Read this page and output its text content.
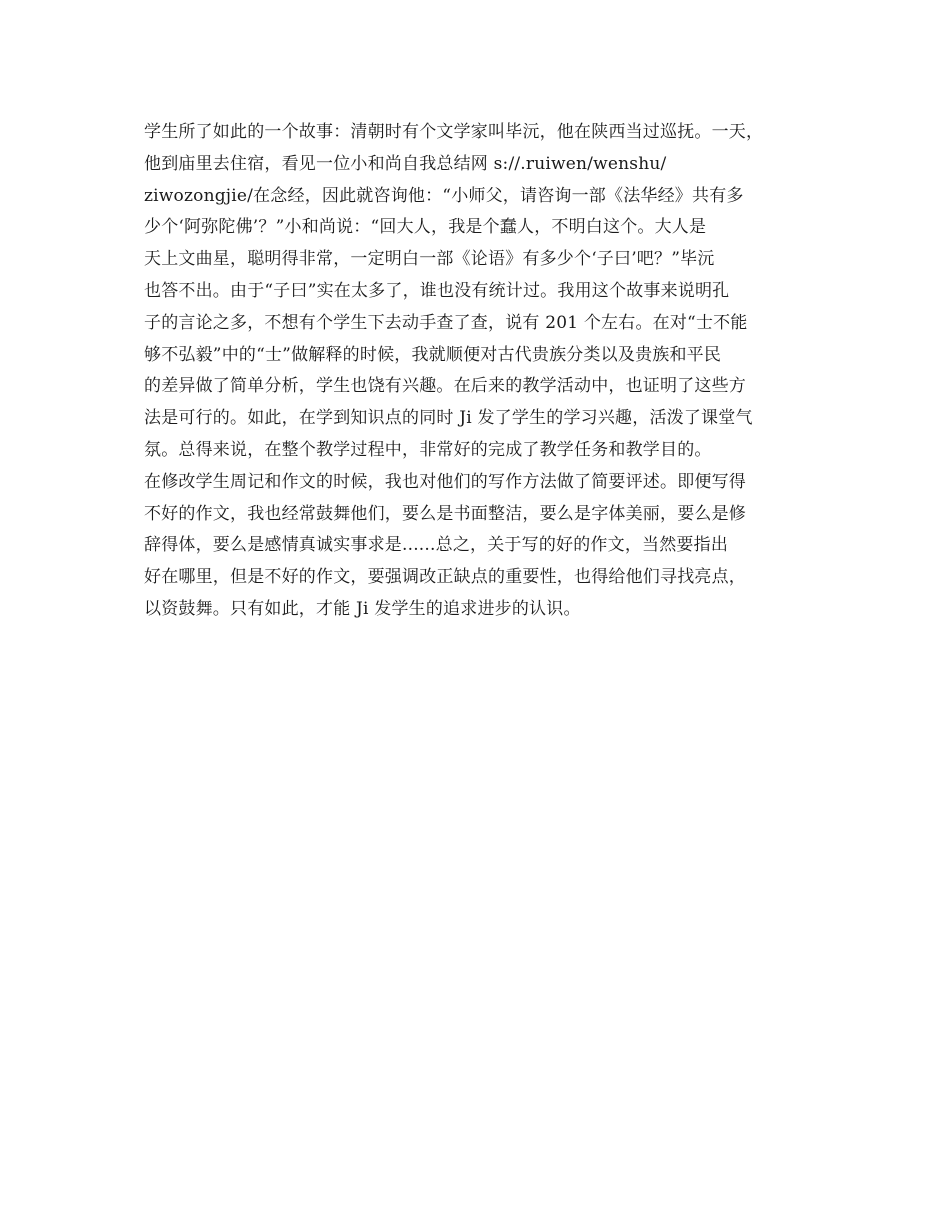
学生所了如此的一个故事：清朝时有个文学家叫毕沅，他在陕西当过巡抚。一天，
他到庙里去住宿，看见一位小和尚自我总结网 s://.ruiwen/wenshu/
ziwozongjie/在念经，因此就咨询他：“小师父，请咨询一部《法华经》共有多
少个‘阿弥陀佛’？”小和尚说：“回大人，我是个蠢人，不明白这个。大人是
天上文曲星，聪明得非常，一定明白一部《论语》有多少个‘子曰’吧？”毕沅
也答不出。由于“子曰”实在太多了，谁也没有统计过。我用这个故事来说明孔
子的言论之多，不想有个学生下去动手查了查，说有 201 个左右。在对“士不能
够不弘毅”中的“士”做解释的时候，我就顺便对古代贵族分类以及贵族和平民
的差异做了简单分析，学生也饶有兴趣。在后来的教学活动中，也证明了这些方
法是可行的。如此，在学到知识点的同时 Ji 发了学生的学习兴趣，活泼了课堂气
氛。总得来说，在整个教学过程中，非常好的完成了教学任务和教学目的。
在修改学生周记和作文的时候，我也对他们的写作方法做了简要评述。即便写得
不好的作文，我也经常鼓舞他们，要么是书面整洁，要么是字体美丽，要么是修
辞得体，要么是感情真诚实事求是......总之，关于写的好的作文，当然要指出
好在哪里，但是不好的作文，要强调改正缺点的重要性，也得给他们寻找亮点，
以资鼓舞。只有如此，才能 Ji 发学生的追求进步的认识。
